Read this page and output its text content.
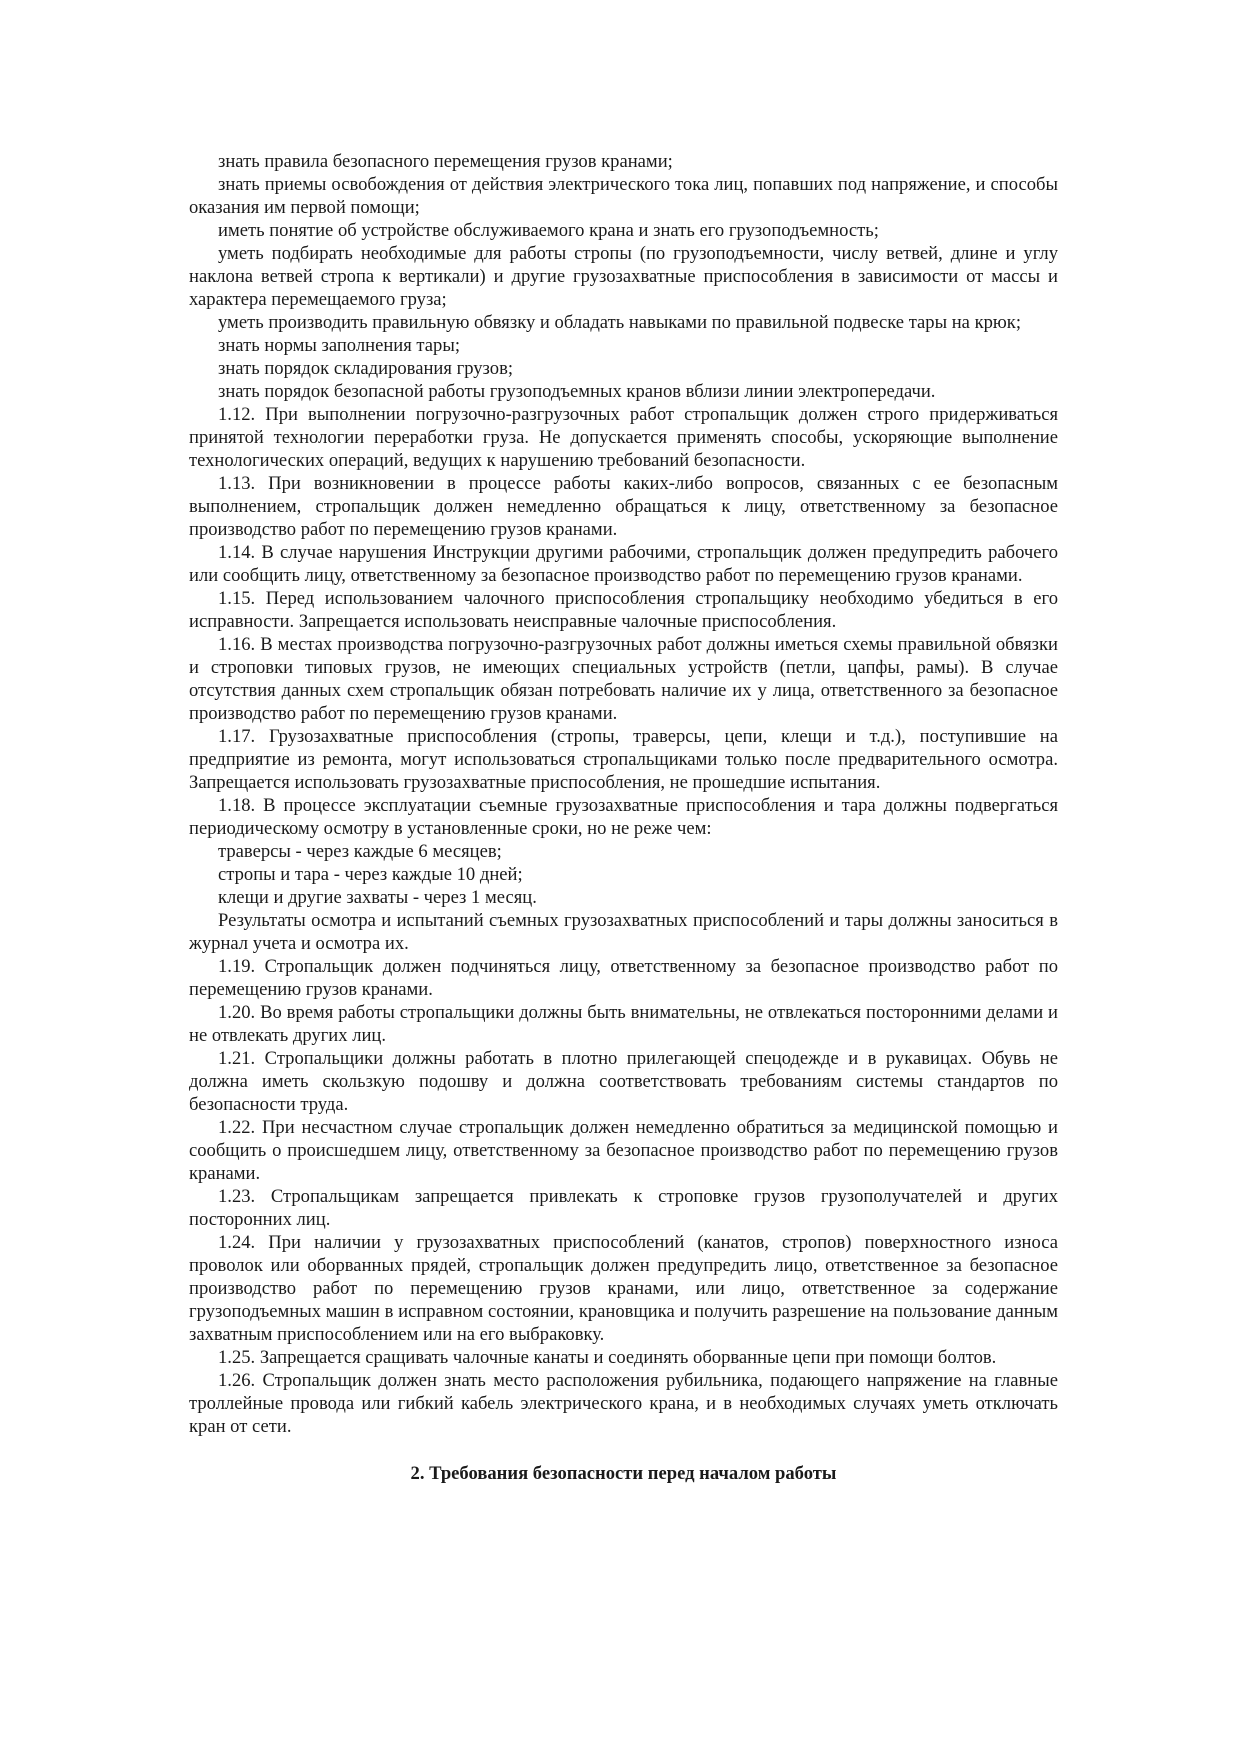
знать правила безопасного перемещения грузов кранами;

знать приемы освобождения от действия электрического тока лиц, попавших под напряжение, и способы оказания им первой помощи;

иметь понятие об устройстве обслуживаемого крана и знать его грузоподъемность;

уметь подбирать необходимые для работы стропы (по грузоподъемности, числу ветвей, длине и углу наклона ветвей стропа к вертикали) и другие грузозахватные приспособления в зависимости от массы и характера перемещаемого груза;

уметь производить правильную обвязку и обладать навыками по правильной подвеске тары на крюк;

знать нормы заполнения тары;

знать порядок складирования грузов;

знать порядок безопасной работы грузоподъемных кранов вблизи линии электропередачи.

1.12. При выполнении погрузочно-разгрузочных работ стропальщик должен строго придерживаться принятой технологии переработки груза. Не допускается применять способы, ускоряющие выполнение технологических операций, ведущих к нарушению требований безопасности.

1.13. При возникновении в процессе работы каких-либо вопросов, связанных с ее безопасным выполнением, стропальщик должен немедленно обращаться к лицу, ответственному за безопасное производство работ по перемещению грузов кранами.

1.14. В случае нарушения Инструкции другими рабочими, стропальщик должен предупредить рабочего или сообщить лицу, ответственному за безопасное производство работ по перемещению грузов кранами.

1.15. Перед использованием чалочного приспособления стропальщику необходимо убедиться в его исправности. Запрещается использовать неисправные чалочные приспособления.

1.16. В местах производства погрузочно-разгрузочных работ должны иметься схемы правильной обвязки и строповки типовых грузов, не имеющих специальных устройств (петли, цапфы, рамы). В случае отсутствия данных схем стропальщик обязан потребовать наличие их у лица, ответственного за безопасное производство работ по перемещению грузов кранами.

1.17. Грузозахватные приспособления (стропы, траверсы, цепи, клещи и т.д.), поступившие на предприятие из ремонта, могут использоваться стропальщиками только после предварительного осмотра. Запрещается использовать грузозахватные приспособления, не прошедшие испытания.

1.18. В процессе эксплуатации съемные грузозахватные приспособления и тара должны подвергаться периодическому осмотру в установленные сроки, но не реже чем:

траверсы - через каждые 6 месяцев;

стропы и тара - через каждые 10 дней;

клещи и другие захваты - через 1 месяц.

Результаты осмотра и испытаний съемных грузозахватных приспособлений и тары должны заноситься в журнал учета и осмотра их.

1.19. Стропальщик должен подчиняться лицу, ответственному за безопасное производство работ по перемещению грузов кранами.

1.20. Во время работы стропальщики должны быть внимательны, не отвлекаться посторонними делами и не отвлекать других лиц.

1.21. Стропальщики должны работать в плотно прилегающей спецодежде и в рукавицах. Обувь не должна иметь скользкую подошву и должна соответствовать требованиям системы стандартов по безопасности труда.

1.22. При несчастном случае стропальщик должен немедленно обратиться за медицинской помощью и сообщить о происшедшем лицу, ответственному за безопасное производство работ по перемещению грузов кранами.

1.23. Стропальщикам запрещается привлекать к строповке грузов грузополучателей и других посторонних лиц.

1.24. При наличии у грузозахватных приспособлений (канатов, стропов) поверхностного износа проволок или оборванных прядей, стропальщик должен предупредить лицо, ответственное за безопасное производство работ по перемещению грузов кранами, или лицо, ответственное за содержание грузоподъемных машин в исправном состоянии, крановщика и получить разрешение на пользование данным захватным приспособлением или на его выбраковку.

1.25. Запрещается сращивать чалочные канаты и соединять оборванные цепи при помощи болтов.

1.26. Стропальщик должен знать место расположения рубильника, подающего напряжение на главные троллейные провода или гибкий кабель электрического крана, и в необходимых случаях уметь отключать кран от сети.

2. Требования безопасности перед началом работы
